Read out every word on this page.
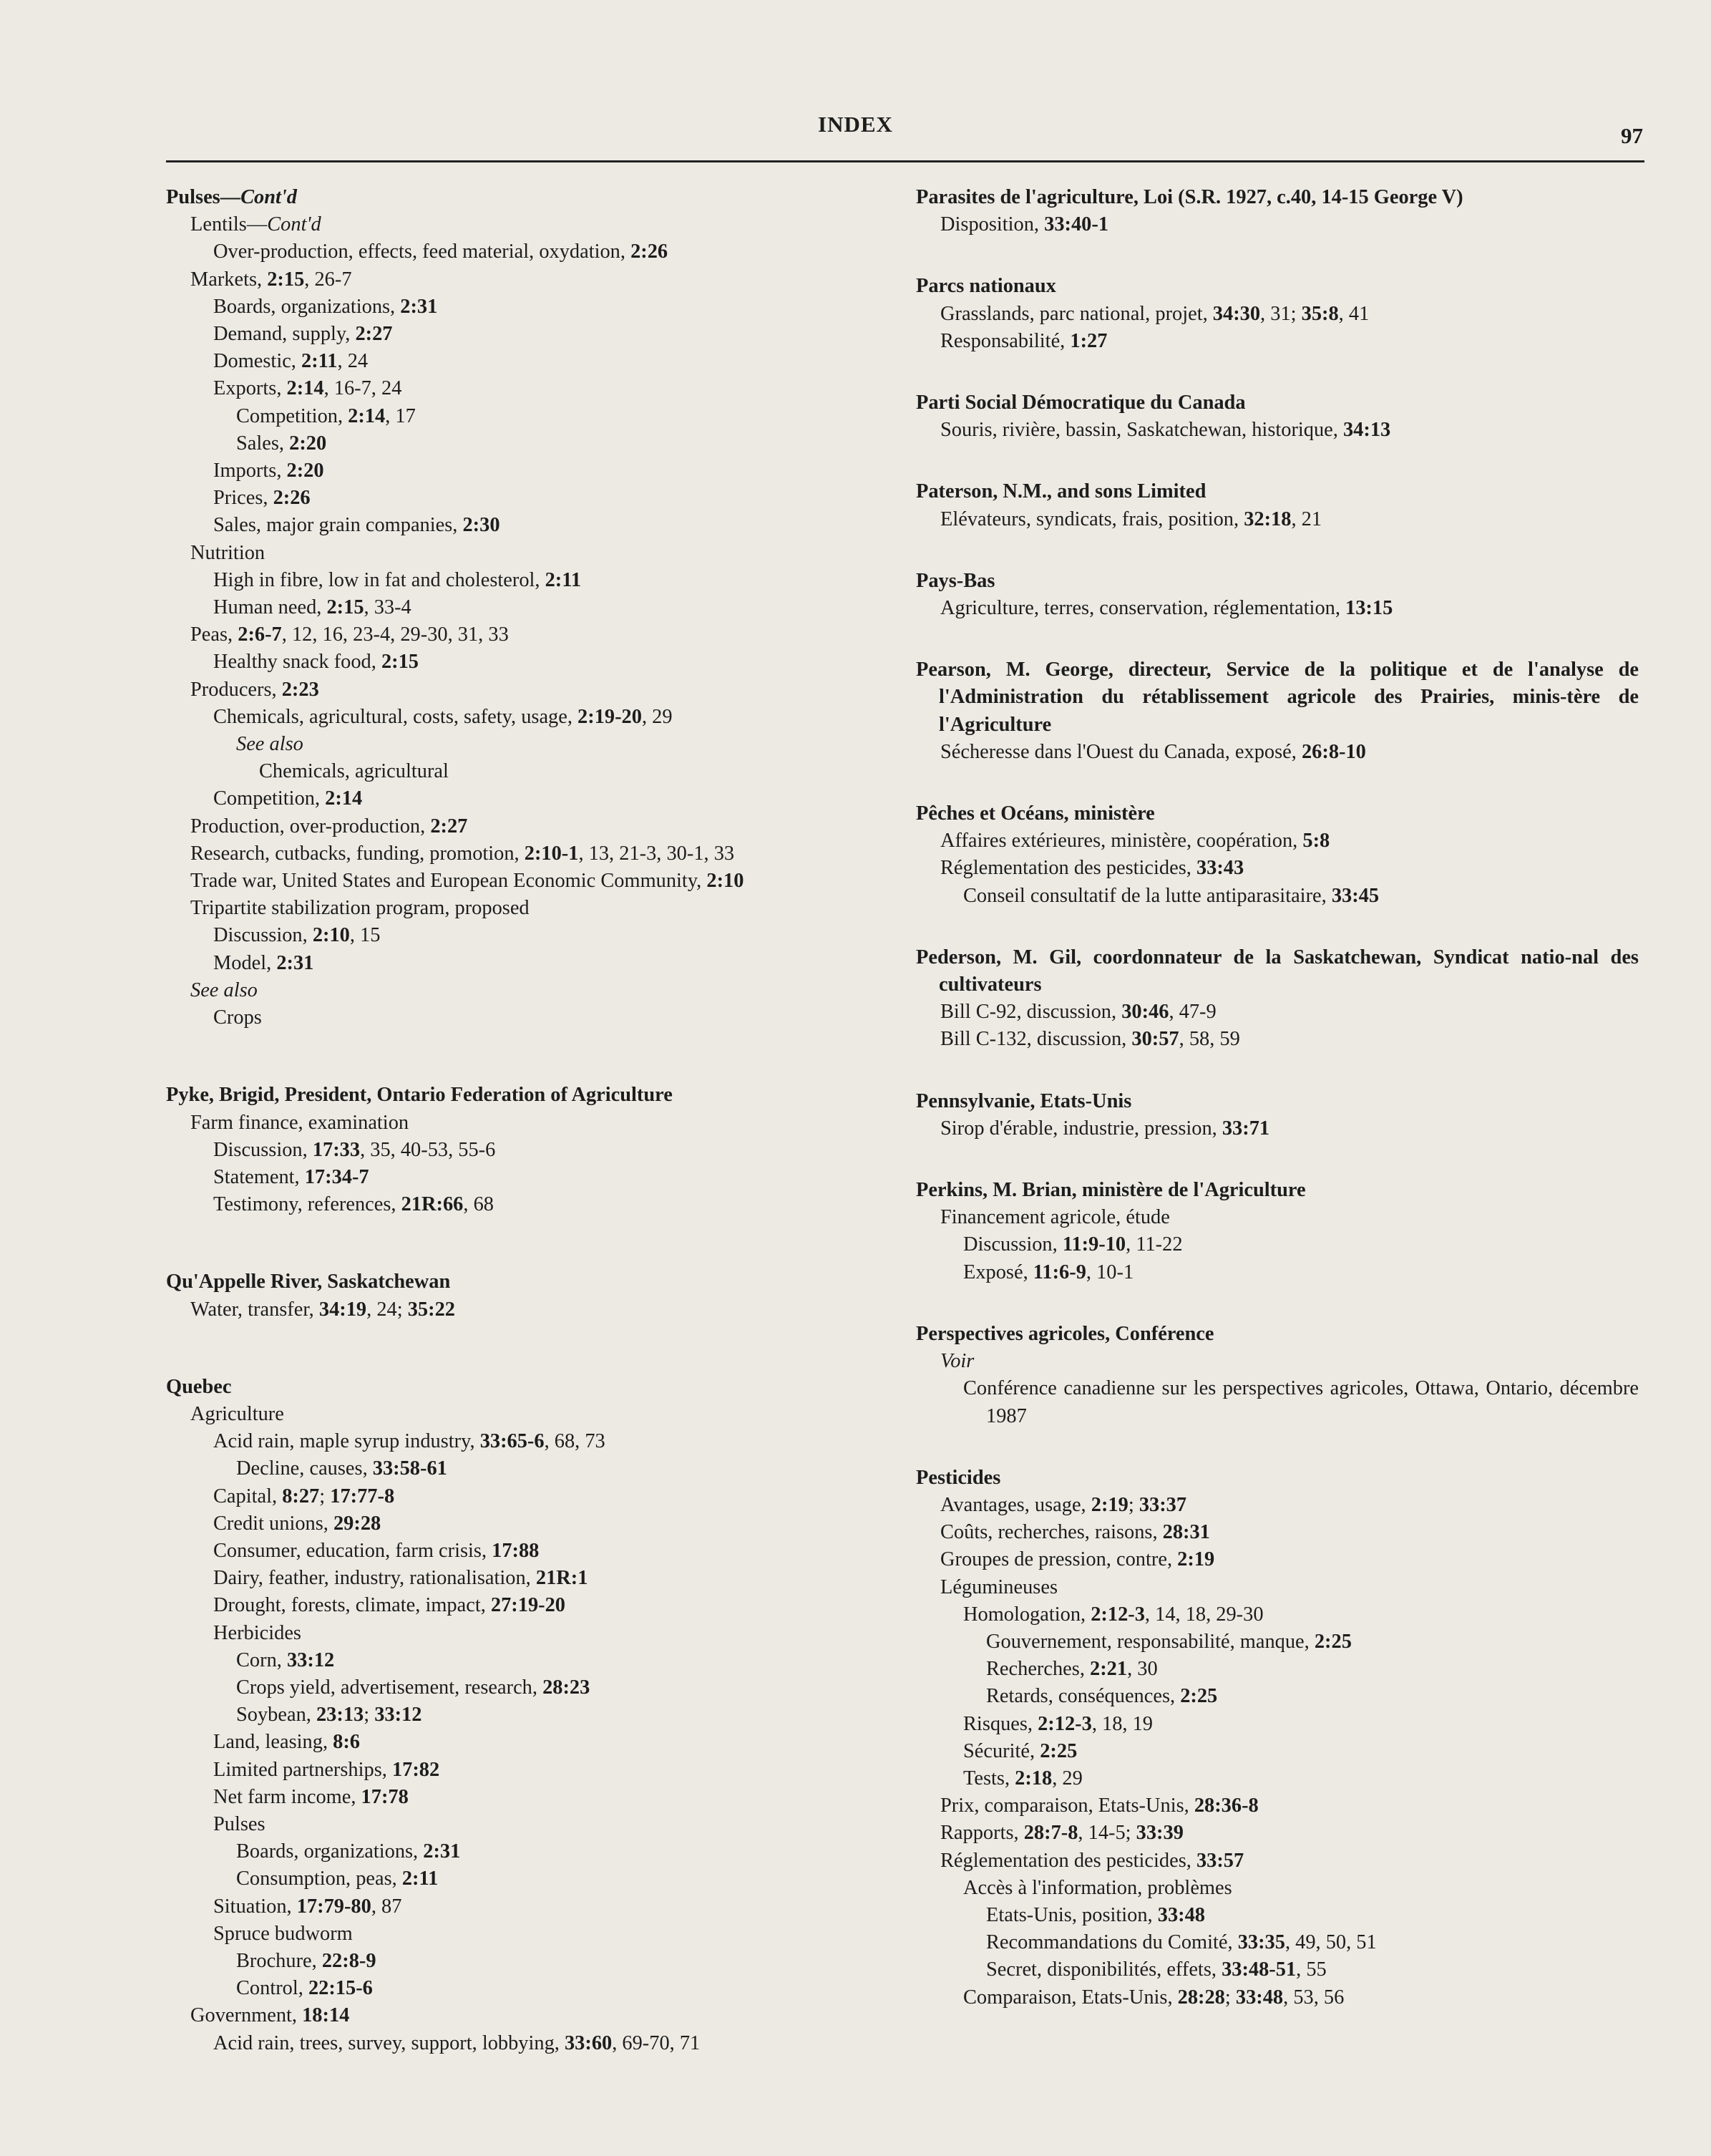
INDEX	97
Pulses—Cont'd
Lentils—Cont'd
Over-production, effects, feed material, oxydation, 2:26
Markets, 2:15, 26-7
Boards, organizations, 2:31
Demand, supply, 2:27
Domestic, 2:11, 24
Exports, 2:14, 16-7, 24
Competition, 2:14, 17
Sales, 2:20
Imports, 2:20
Prices, 2:26
Sales, major grain companies, 2:30
Nutrition
High in fibre, low in fat and cholesterol, 2:11
Human need, 2:15, 33-4
Peas, 2:6-7, 12, 16, 23-4, 29-30, 31, 33
Healthy snack food, 2:15
Producers, 2:23
Chemicals, agricultural, costs, safety, usage, 2:19-20, 29
See also
Chemicals, agricultural
Competition, 2:14
Production, over-production, 2:27
Research, cutbacks, funding, promotion, 2:10-1, 13, 21-3, 30-1, 33
Trade war, United States and European Economic Community, 2:10
Tripartite stabilization program, proposed
Discussion, 2:10, 15
Model, 2:31
See also
Crops
Pyke, Brigid, President, Ontario Federation of Agriculture
Farm finance, examination
Discussion, 17:33, 35, 40-53, 55-6
Statement, 17:34-7
Testimony, references, 21R:66, 68
Qu'Appelle River, Saskatchewan
Water, transfer, 34:19, 24; 35:22
Quebec
Agriculture
Acid rain, maple syrup industry, 33:65-6, 68, 73
Decline, causes, 33:58-61
Capital, 8:27; 17:77-8
Credit unions, 29:28
Consumer, education, farm crisis, 17:88
Dairy, feather, industry, rationalisation, 21R:1
Drought, forests, climate, impact, 27:19-20
Herbicides
Corn, 33:12
Crops yield, advertisement, research, 28:23
Soybean, 23:13; 33:12
Land, leasing, 8:6
Limited partnerships, 17:82
Net farm income, 17:78
Pulses
Boards, organizations, 2:31
Consumption, peas, 2:11
Situation, 17:79-80, 87
Spruce budworm
Brochure, 22:8-9
Control, 22:15-6
Government, 18:14
Acid rain, trees, survey, support, lobbying, 33:60, 69-70, 71
Parasites de l'agriculture, Loi (S.R. 1927, c.40, 14-15 George V)
Disposition, 33:40-1
Parcs nationaux
Grasslands, parc national, projet, 34:30, 31; 35:8, 41
Responsabilité, 1:27
Parti Social Démocratique du Canada
Souris, rivière, bassin, Saskatchewan, historique, 34:13
Paterson, N.M., and sons Limited
Elévateurs, syndicats, frais, position, 32:18, 21
Pays-Bas
Agriculture, terres, conservation, réglementation, 13:15
Pearson, M. George, directeur, Service de la politique et de l'analyse de l'Administration du rétablissement agricole des Prairies, minis-tère de l'Agriculture
Sécheresse dans l'Ouest du Canada, exposé, 26:8-10
Pêches et Océans, ministère
Affaires extérieures, ministère, coopération, 5:8
Réglementation des pesticides, 33:43
Conseil consultatif de la lutte antiparasitaire, 33:45
Pederson, M. Gil, coordonnateur de la Saskatchewan, Syndicat natio-nal des cultivateurs
Bill C-92, discussion, 30:46, 47-9
Bill C-132, discussion, 30:57, 58, 59
Pennsylvanie, Etats-Unis
Sirop d'érable, industrie, pression, 33:71
Perkins, M. Brian, ministère de l'Agriculture
Financement agricole, étude
Discussion, 11:9-10, 11-22
Exposé, 11:6-9, 10-1
Perspectives agricoles, Conférence
Voir
Conférence canadienne sur les perspectives agricoles, Ottawa, Ontario, décembre 1987
Pesticides
Avantages, usage, 2:19; 33:37
Coûts, recherches, raisons, 28:31
Groupes de pression, contre, 2:19
Légumineuses
Homologation, 2:12-3, 14, 18, 29-30
Gouvernement, responsabilité, manque, 2:25
Recherches, 2:21, 30
Retards, conséquences, 2:25
Risques, 2:12-3, 18, 19
Sécurité, 2:25
Tests, 2:18, 29
Prix, comparaison, Etats-Unis, 28:36-8
Rapports, 28:7-8, 14-5; 33:39
Réglementation des pesticides, 33:57
Accès à l'information, problèmes
Etats-Unis, position, 33:48
Recommandations du Comité, 33:35, 49, 50, 51
Secret, disponibilités, effets, 33:48-51, 55
Comparaison, Etats-Unis, 28:28; 33:48, 53, 56
